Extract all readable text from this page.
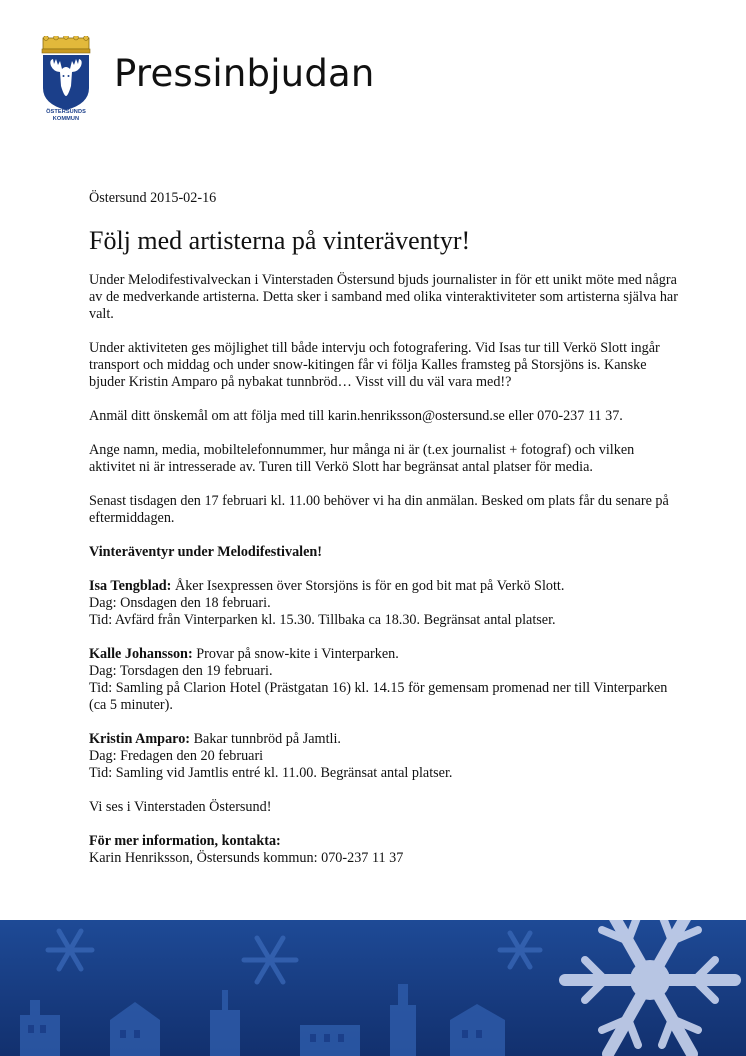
ÖSTERSUNDS
KOMMUN
Pressinbjudan
Östersund 2015-02-16
Följ med artisterna på vinteräventyr!

Under Melodifestivalveckan i Vinterstaden Östersund bjuds journalister in för ett unikt möte med några av de medverkande artisterna. Detta sker i samband med olika vinteraktiviteter som artisterna själva har valt.

Under aktiviteten ges möjlighet till både intervju och fotografering. Vid Isas tur till Verkö Slott ingår transport och middag och under snow-kitingen får vi följa Kalles framsteg på Storsjöns is. Kanske bjuder Kristin Amparo på nybakat tunnbröd… Visst vill du väl vara med!?

Anmäl ditt önskemål om att följa med till karin.henriksson@ostersund.se eller 070-237 11 37.

Ange namn, media, mobiltelefonnummer, hur många ni är (t.ex journalist + fotograf) och vilken aktivitet ni är intresserade av. Turen till Verkö Slott har begränsat antal platser för media.

Senast tisdagen den 17 februari kl. 11.00 behöver vi ha din anmälan. Besked om plats får du senare på eftermiddagen.

Vinteräventyr under Melodifestivalen!

Isa Tengblad: Åker Isexpressen över Storsjöns is för en god bit mat på Verkö Slott.
Dag: Onsdagen den 18 februari.
Tid: Avfärd från Vinterparken kl. 15.30. Tillbaka ca 18.30. Begränsat antal platser.

Kalle Johansson: Provar på snow-kite i Vinterparken.
Dag: Torsdagen den 19 februari.
Tid: Samling på Clarion Hotel (Prästgatan 16) kl. 14.15 för gemensam promenad ner till Vinterparken (ca 5 minuter).

Kristin Amparo: Bakar tunnbröd på Jamtli.
Dag: Fredagen den 20 februari
Tid: Samling vid Jamtlis entré kl. 11.00. Begränsat antal platser.

Vi ses i Vinterstaden Östersund!

För mer information, kontakta:
Karin Henriksson, Östersunds kommun: 070-237 11 37
